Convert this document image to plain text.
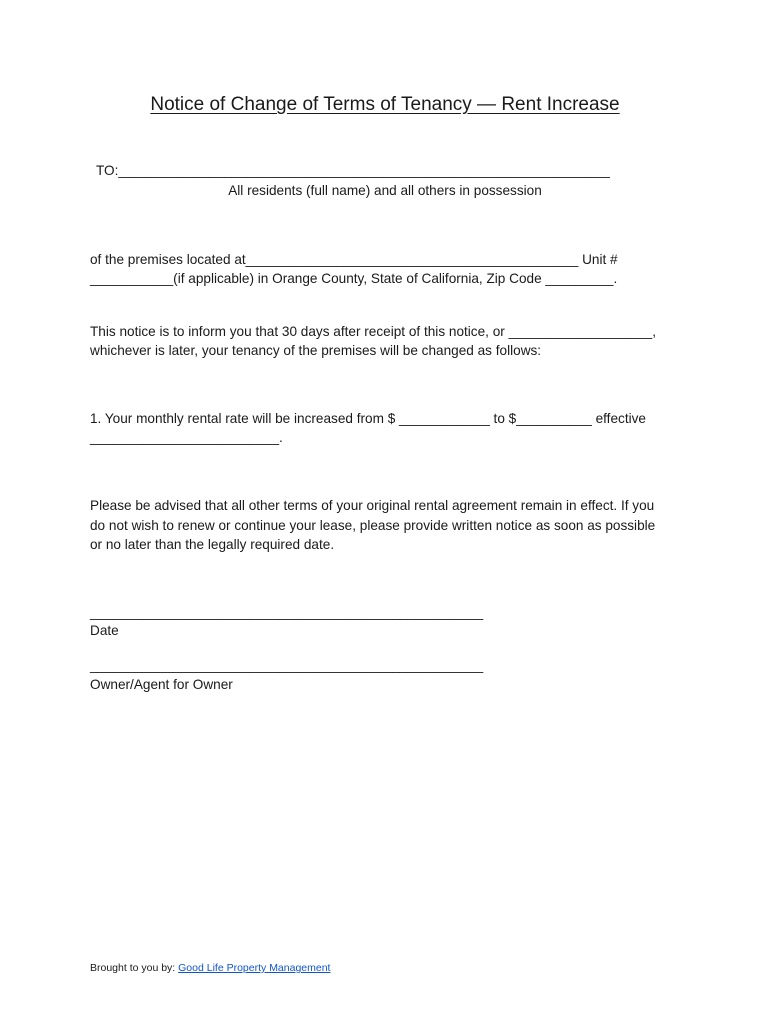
Notice of Change of Terms of Tenancy — Rent Increase
TO:_________________________________________________________________
All residents (full name) and all others in possession
of the premises located at____________________________________________ Unit #
___________(if applicable) in Orange County, State of California, Zip Code _________.
This notice is to inform you that 30 days after receipt of this notice, or ___________________,
whichever is later, your tenancy of the premises will be changed as follows:
1. Your monthly rental rate will be increased from $ ____________ to $__________ effective
_________________________.
Please be advised that all other terms of your original rental agreement remain in effect. If you
do not wish to renew or continue your lease, please provide written notice as soon as possible
or no later than the legally required date.
____________________________________________________
Date
____________________________________________________
Owner/Agent for Owner
Brought to you by: Good Life Property Management
